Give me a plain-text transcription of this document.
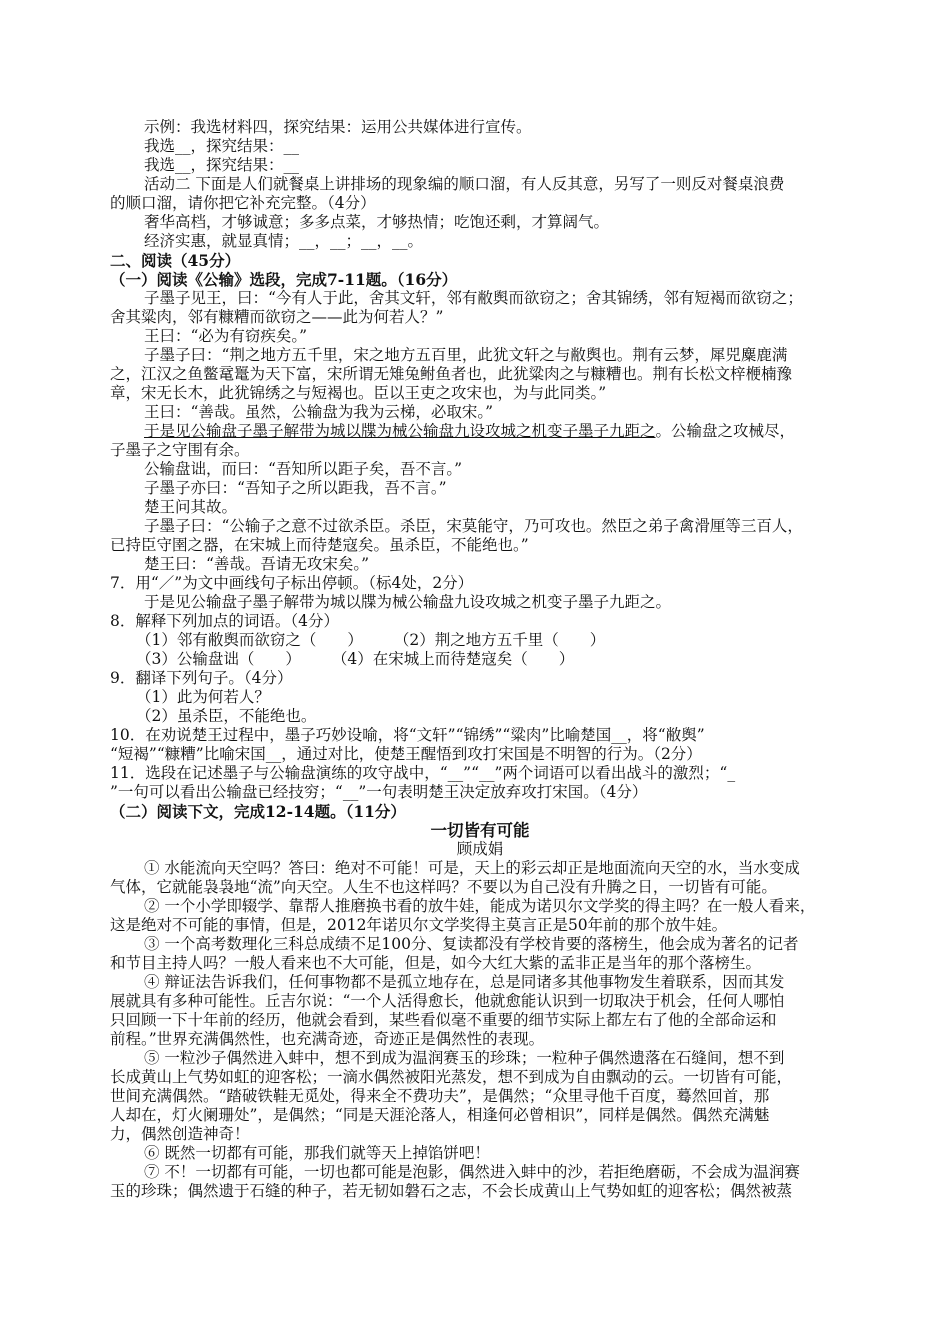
示例：我选材料四，探究结果：运用公共媒体进行宣传。
我选__，探究结果：__
我选__，探究结果：__
活动二 下面是人们就餐桌上讲排场的现象编的顺口溜，有人反其意，另写了一则反对餐桌浪费
的顺口溜，请你把它补充完整。（4分）
奢华高档，才够诚意；多多点菜，才够热情；吃饱还剩，才算阔气。
经济实惠，就显真情；__，__；__，__。
二、阅读（45分）
（一）阅读《公输》选段，完成7-11题。（16分）
子墨子见王，曰：“今有人于此，舍其文轩，邻有敝舆而欲窃之；舍其锦绣，邻有短褐而欲窃之；
舍其粱肉，邻有糠糟而欲窃之——此为何若人？”
王曰：“必为有窃疾矣。”
子墨子曰：“荆之地方五千里，宋之地方五百里，此犹文轩之与敝舆也。荆有云梦，犀兕麋鹿满
之，江汉之鱼鳖鼋鼍为天下富，宋所谓无雉兔鲋鱼者也，此犹粱肉之与糠糟也。荆有长松文梓楩楠豫
章，宋无长木，此犹锦绣之与短褐也。臣以王吏之攻宋也，为与此同类。”
王曰：“善哉。虽然，公输盘为我为云梯，必取宋。”
于是见公输盘子墨子解带为城以牒为械公输盘九设攻城之机变子墨子九距之。公输盘之攻械尽，
子墨子之守围有余。
公输盘诎，而曰：“吾知所以距子矣，吾不言。”
子墨子亦曰：“吾知子之所以距我，吾不言。”
楚王问其故。
子墨子曰：“公输子之意不过欲杀臣。杀臣，宋莫能守，乃可攻也。然臣之弟子禽滑厘等三百人，
已持臣守圉之器，在宋城上而待楚寇矣。虽杀臣，不能绝也。”
楚王曰：“善哉。吾请无攻宋矣。”
7．用“／”为文中画线句子标出停顿。（标4处，2分）
于是见公输盘子墨子解带为城以牒为械公输盘九设攻城之机变子墨子九距之。
8．解释下列加点的词语。（4分）
（1）邻有敝舆而欲窃之（　　）　　　（2）荆之地方五千里（　　）
（3）公输盘诎（　　）　　　（4）在宋城上而待楚寇矣（　　）
9．翻译下列句子。（4分）
（1）此为何若人？
（2）虽杀臣，不能绝也。
10．在劝说楚王过程中，墨子巧妙设喻，将“文轩”“锦绣”“粱肉”比喻楚国__，将“敝舆”
“短褐”“糠糟”比喻宋国__，通过对比，使楚王醒悟到攻打宋国是不明智的行为。（2分）
11．选段在记述墨子与公输盘演练的攻守战中，“__”“__”两个词语可以看出战斗的激烈；“_
”一句可以看出公输盘已经技穷；“__”一句表明楚王决定放弃攻打宋国。（4分）
（二）阅读下文，完成12-14题。（11分）
一切皆有可能
顾成娟
① 水能流向天空吗？答曰：绝对不可能！可是，天上的彩云却正是地面流向天空的水，当水变成
气体，它就能袅袅地“流”向天空。人生不也这样吗？不要以为自己没有升腾之日，一切皆有可能。
② 一个小学即辍学、靠帮人推磨换书看的放牛娃，能成为诺贝尔文学奖的得主吗？在一般人看来，
这是绝对不可能的事情，但是，2012年诺贝尔文学奖得主莫言正是50年前的那个放牛娃。
③ 一个高考数理化三科总成绩不足100分、复读都没有学校肯要的落榜生，他会成为著名的记者
和节目主持人吗？一般人看来也不大可能，但是，如今大红大紫的孟非正是当年的那个落榜生。
④ 辩证法告诉我们，任何事物都不是孤立地存在，总是同诸多其他事物发生着联系，因而其发
展就具有多种可能性。丘吉尔说：“一个人活得愈长，他就愈能认识到一切取决于机会，任何人哪怕
只回顾一下十年前的经历，他就会看到，某些看似毫不重要的细节实际上都左右了他的全部命运和
前程。”世界充满偶然性，也充满奇迹，奇迹正是偶然性的表现。
⑤ 一粒沙子偶然进入蚌中，想不到成为温润赛玉的珍珠；一粒种子偶然遗落在石缝间，想不到
长成黄山上气势如虹的迎客松；一滴水偶然被阳光蒸发，想不到成为自由飘动的云。一切皆有可能，
世间充满偶然。“踏破铁鞋无觅处，得来全不费功夫”，是偶然；“众里寻他千百度，蓦然回首，那
人却在，灯火阑珊处”，是偶然；“同是天涯沦落人，相逢何必曾相识”，同样是偶然。偶然充满魅
力，偶然创造神奇！
⑥ 既然一切都有可能，那我们就等天上掉馅饼吧！
⑦ 不！一切都有可能，一切也都可能是泡影，偶然进入蚌中的沙，若拒绝磨砺，不会成为温润赛
玉的珍珠；偶然遗于石缝的种子，若无韧如磐石之志，不会长成黄山上气势如虹的迎客松；偶然被蒸
